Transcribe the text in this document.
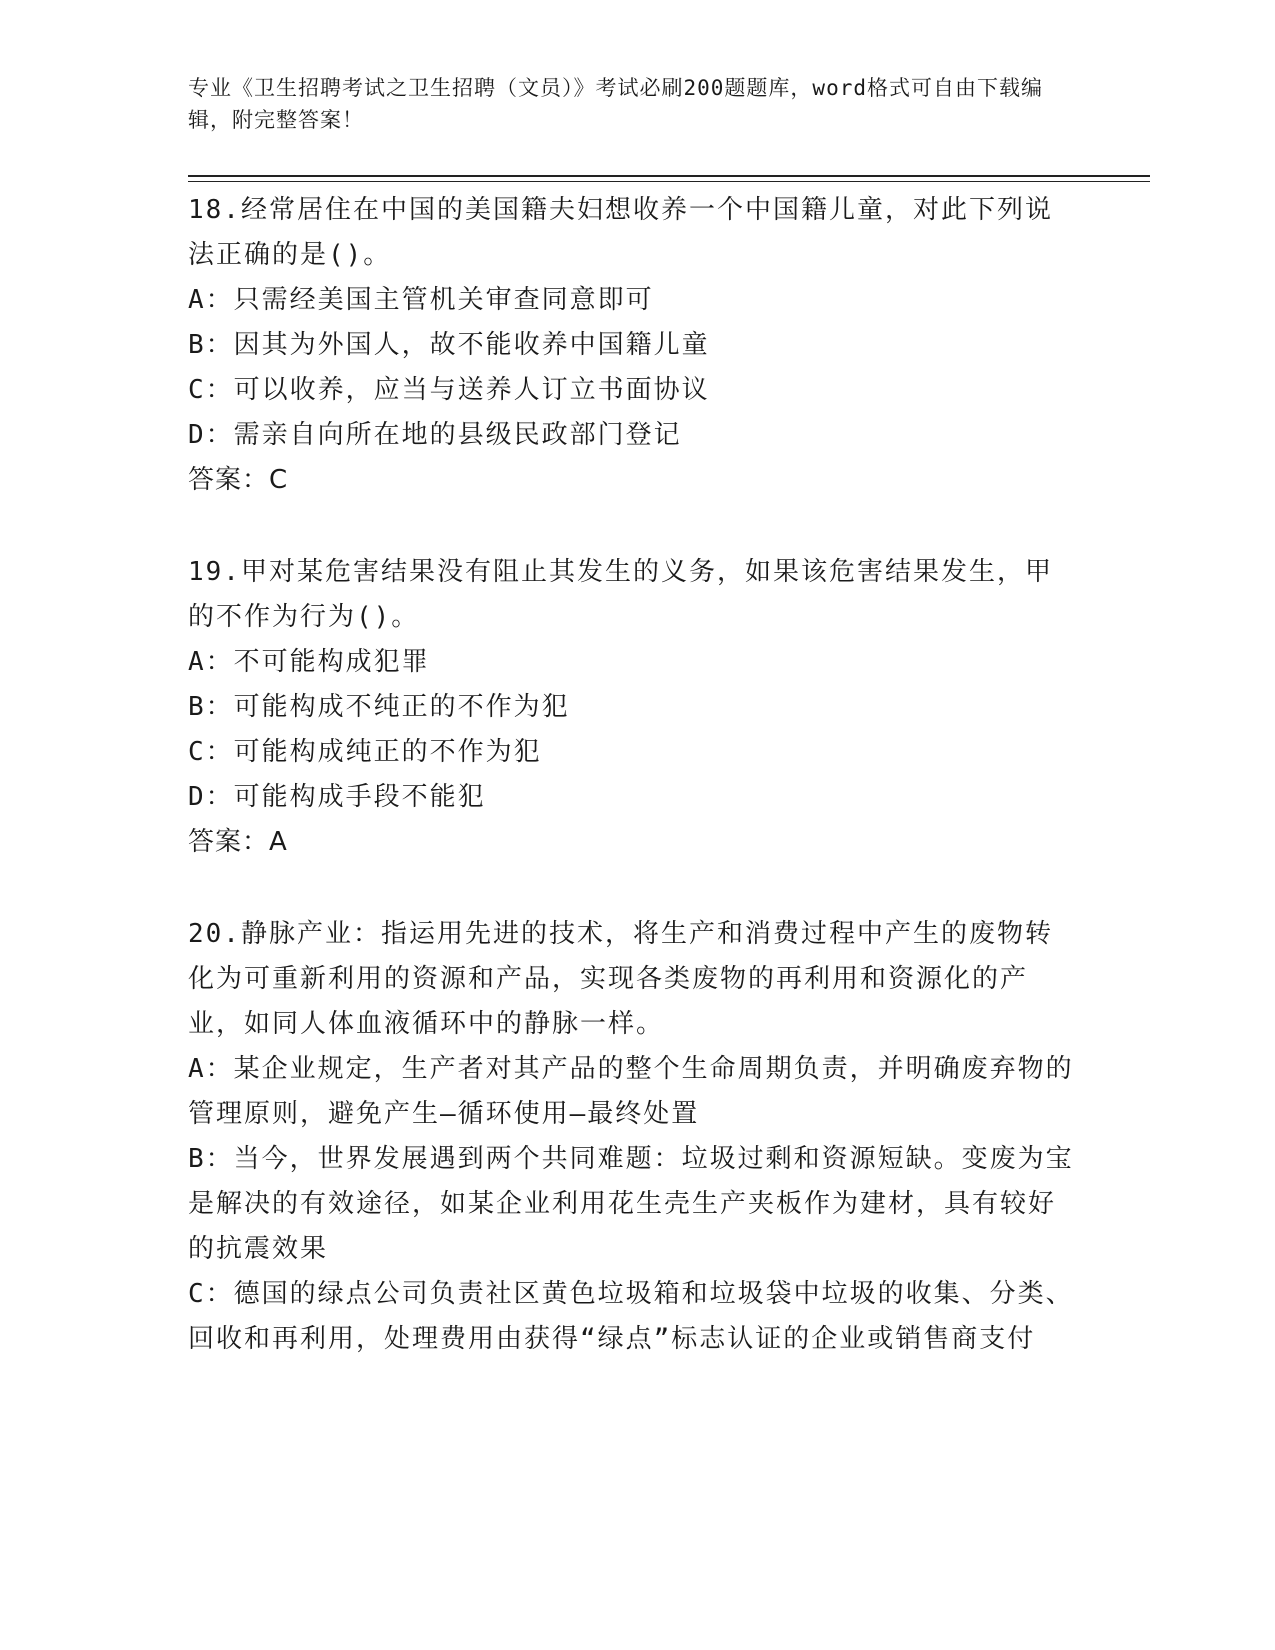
专业《卫生招聘考试之卫生招聘（文员）》考试必刷200题题库，word格式可自由下载编辑，附完整答案！

18.经常居住在中国的美国籍夫妇想收养一个中国籍儿童，对此下列说法正确的是()。

A：只需经美国主管机关审查同意即可

B：因其为外国人，故不能收养中国籍儿童

C：可以收养，应当与送养人订立书面协议

D：需亲自向所在地的县级民政部门登记

答案：C

19.甲对某危害结果没有阻止其发生的义务，如果该危害结果发生，甲的不作为行为()。

A：不可能构成犯罪

B：可能构成不纯正的不作为犯

C：可能构成纯正的不作为犯

D：可能构成手段不能犯

答案：A

20.静脉产业：指运用先进的技术，将生产和消费过程中产生的废物转化为可重新利用的资源和产品，实现各类废物的再利用和资源化的产业，如同人体血液循环中的静脉一样。

A：某企业规定，生产者对其产品的整个生命周期负责，并明确废弃物的管理原则，避免产生—循环使用—最终处置

B：当今，世界发展遇到两个共同难题：垃圾过剩和资源短缺。变废为宝是解决的有效途径，如某企业利用花生壳生产夹板作为建材，具有较好的抗震效果

C：德国的绿点公司负责社区黄色垃圾箱和垃圾袋中垃圾的收集、分类、回收和再利用，处理费用由获得“绿点”标志认证的企业或销售商支付
